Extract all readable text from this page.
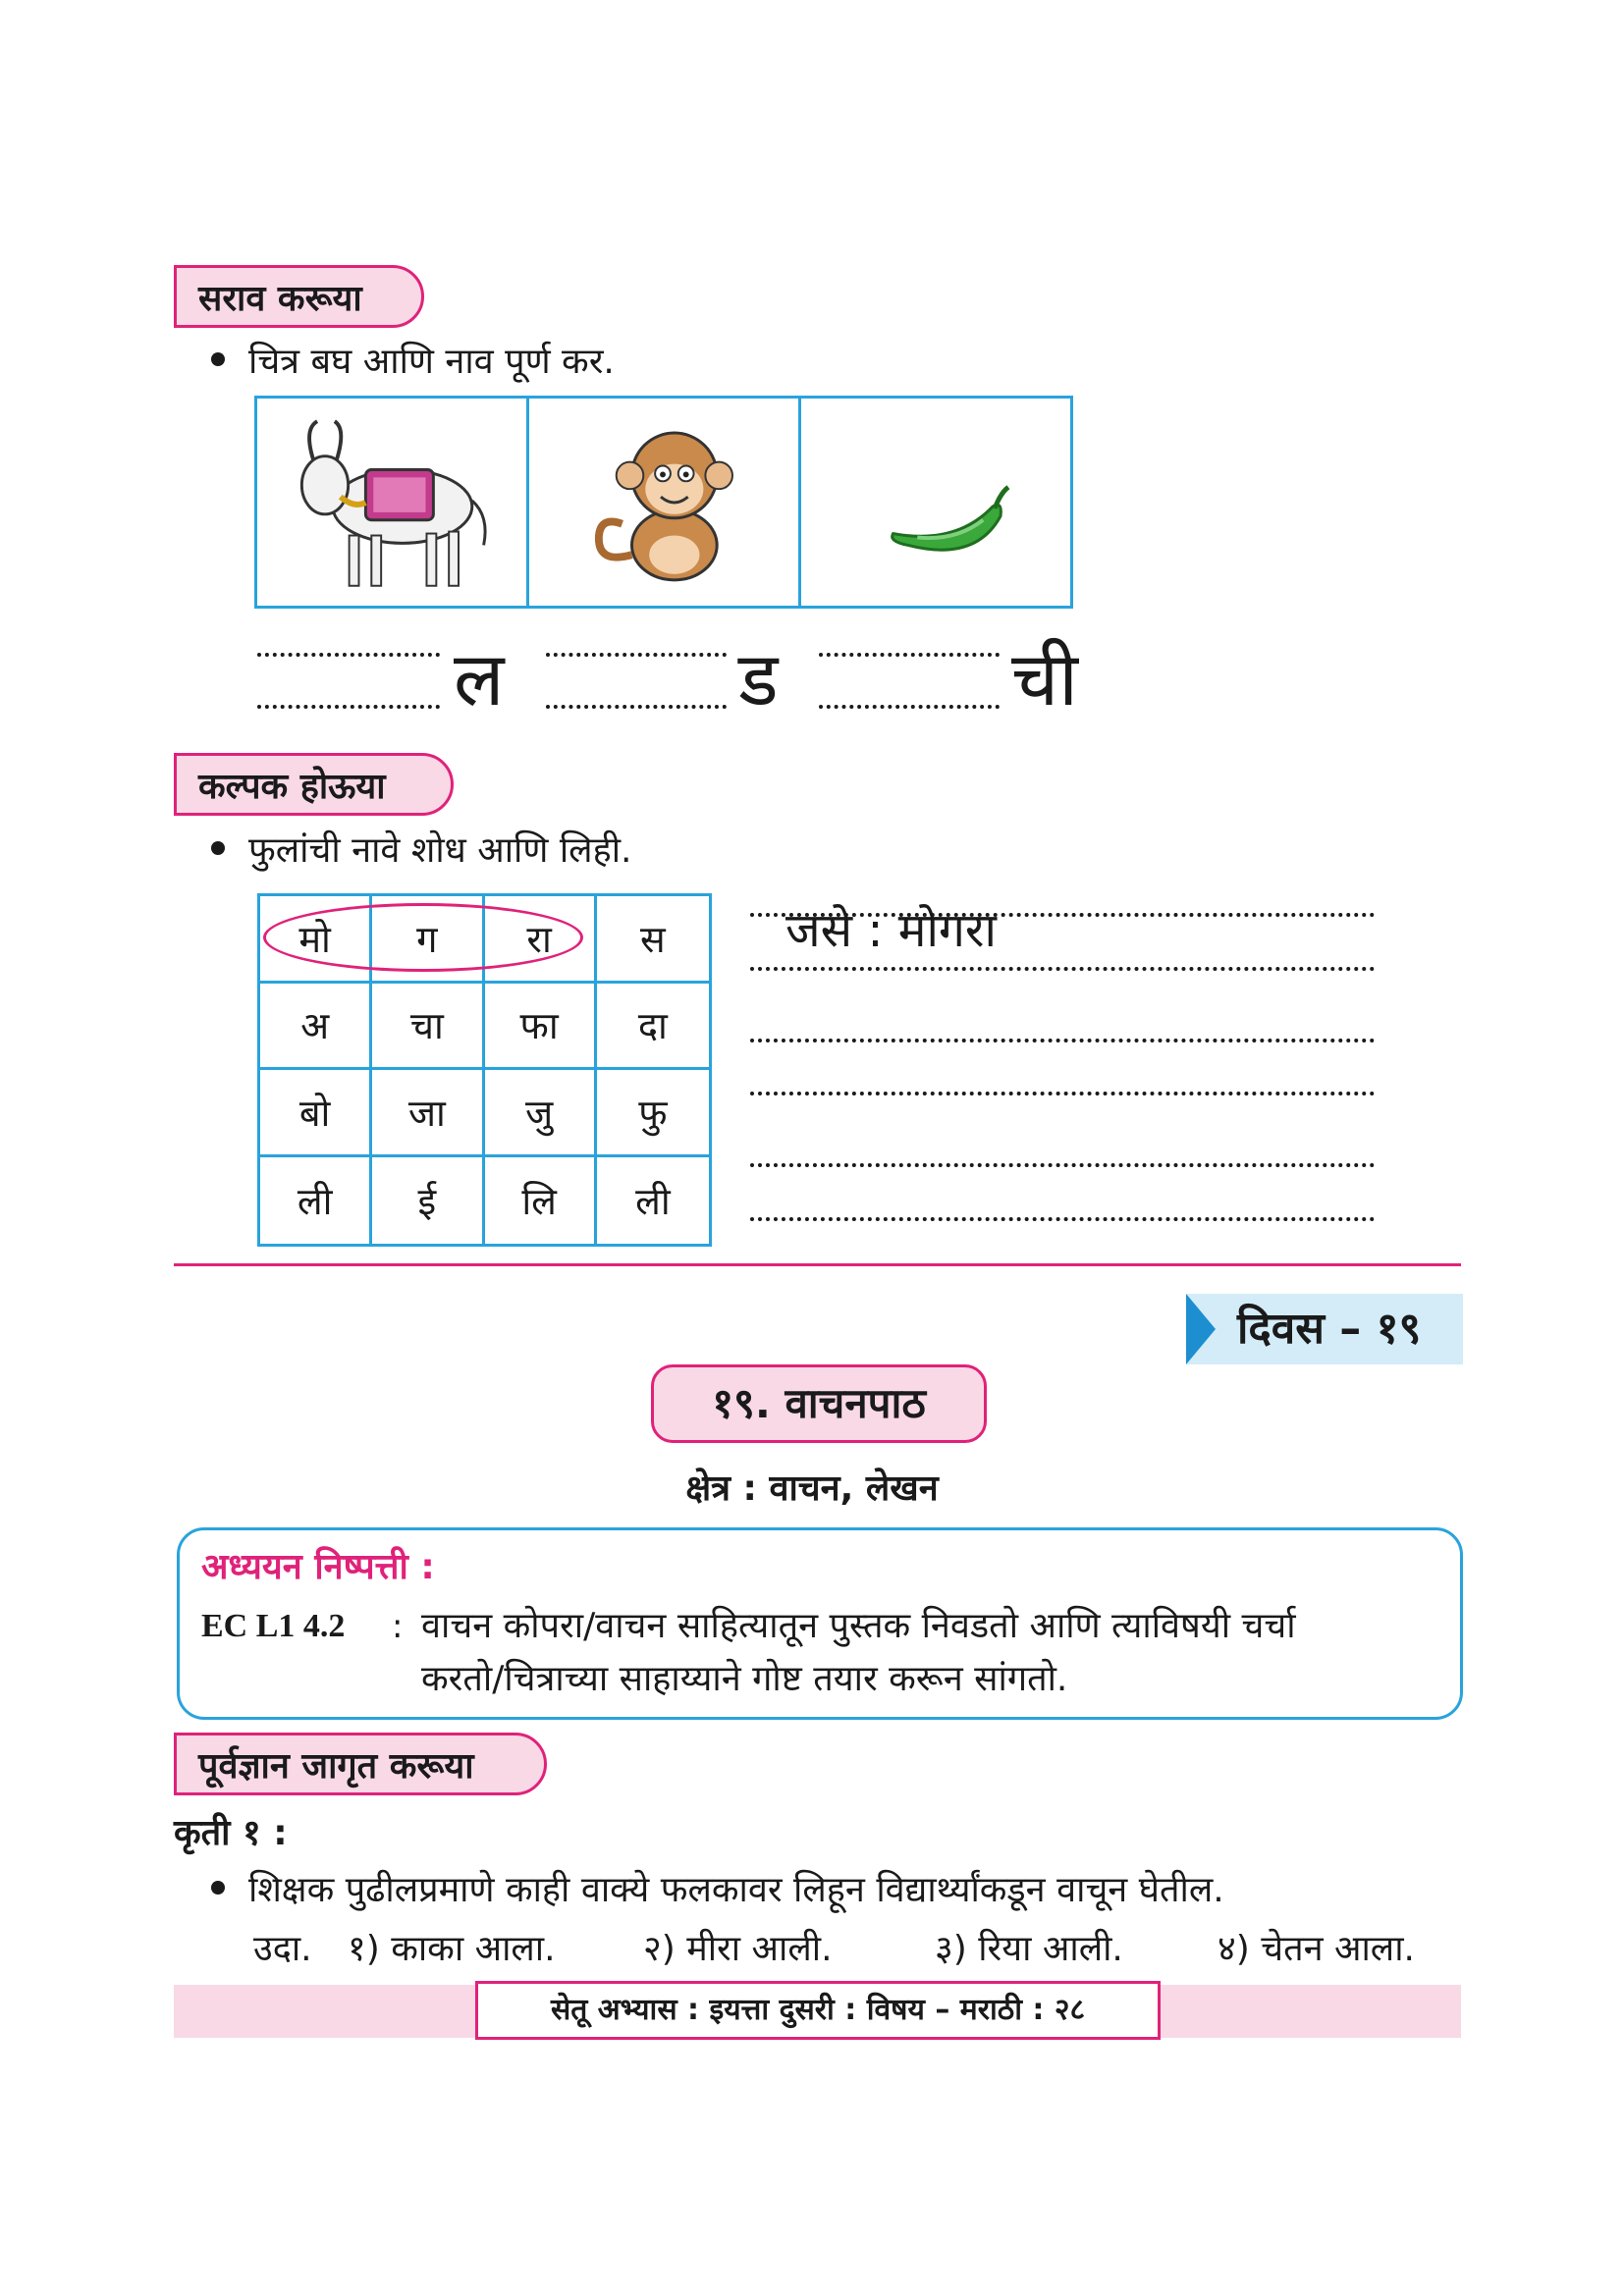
सराव करूया
चित्र बघ आणि नाव पूर्ण कर.
ल	ड	ची
कल्पक होऊया
फुलांची नावे शोध आणि लिही.
मो	ग	रा	स
अ	चा	फा	दा
बो	जा	जु	फु
ली	ई	लि	ली
जसे : मोगरा
दिवस – १९
१९. वाचनपाठ
क्षेत्र : वाचन, लेखन
अध्ययन निष्पत्ती :
EC L1 4.2 : वाचन कोपरा/वाचन साहित्यातून पुस्तक निवडतो आणि त्याविषयी चर्चा
करतो/चित्राच्या साहाय्याने गोष्ट तयार करून सांगतो.
पूर्वज्ञान जागृत करूया
कृती १ :
शिक्षक पुढीलप्रमाणे काही वाक्ये फलकावर लिहून विद्यार्थ्यांकडून वाचून घेतील.
उदा. १) काका आला. २) मीरा आली.	३) रिया आली.	४) चेतन आला.
सेतू अभ्यास : इयत्ता दुसरी : विषय – मराठी : २८
